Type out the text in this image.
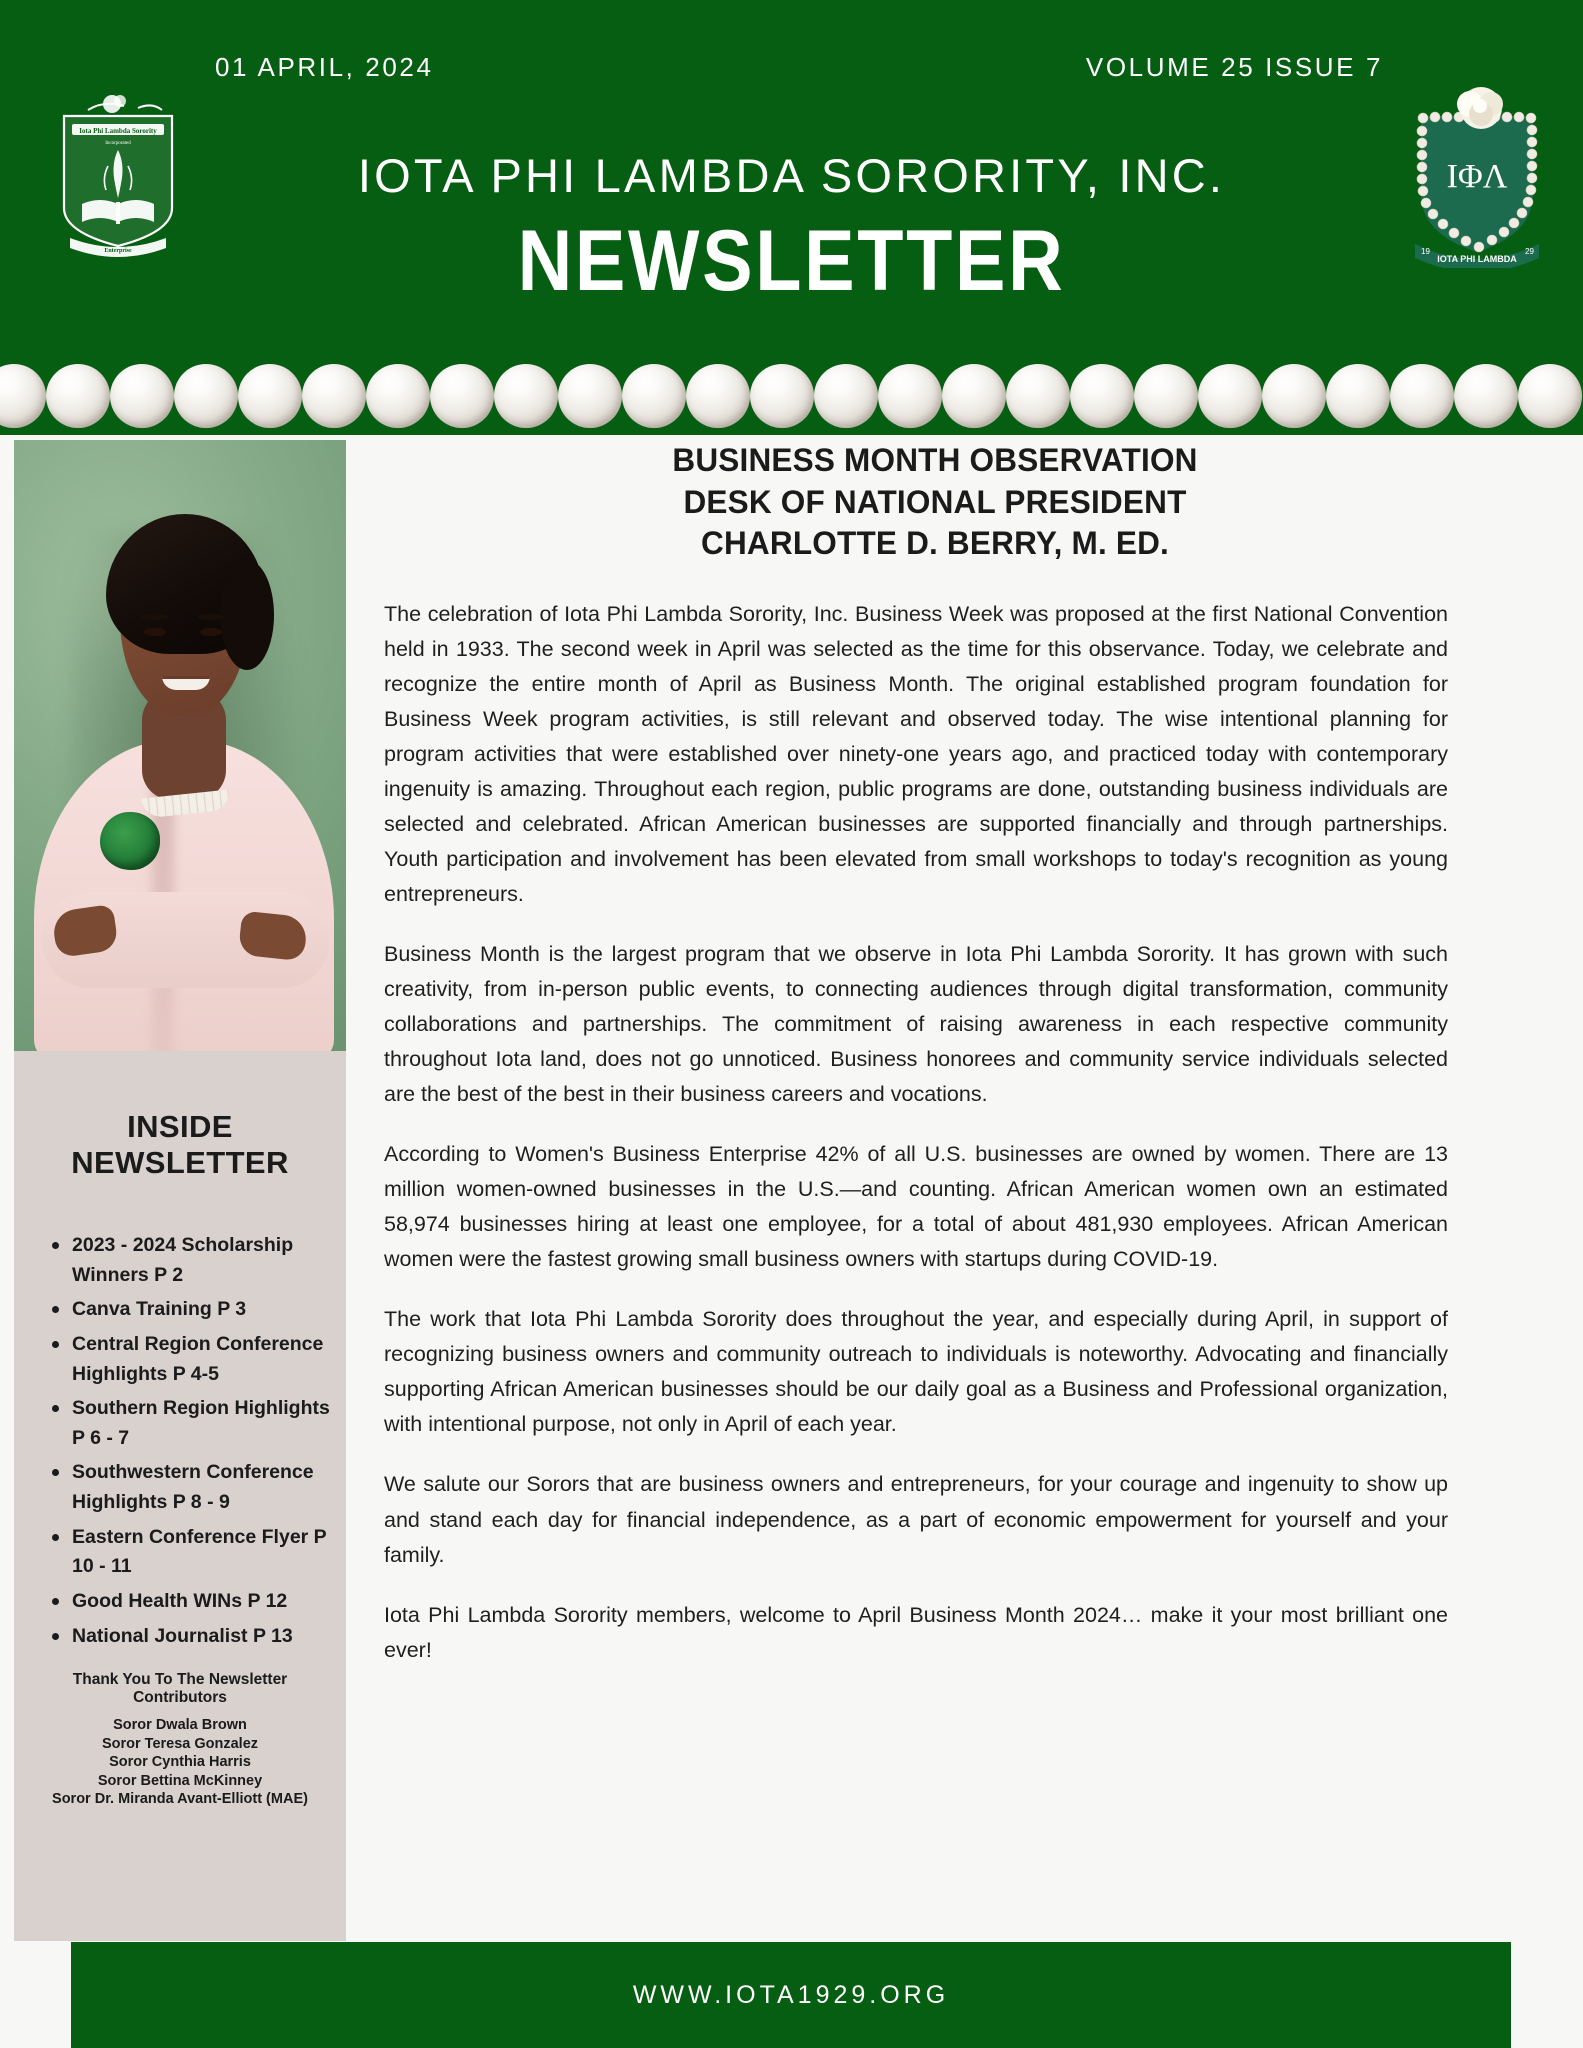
01 APRIL, 2024	VOLUME 25 ISSUE 7
IOTA PHI LAMBDA SORORITY, INC.
NEWSLETTER
Iota Phi Lambda Sorority
Incorporated
Enterprise
ΙΦΛ
IOTA PHI LAMBDA
19	29
INSIDE NEWSLETTER
2023 - 2024 Scholarship Winners P 2
Canva Training P 3
Central Region Conference Highlights P 4-5
Southern Region Highlights P 6 - 7
Southwestern Conference Highlights P 8 - 9
Eastern Conference Flyer P 10 - 11
Good Health WINs P 12
National Journalist P 13
Thank You To The Newsletter Contributors
Soror Dwala Brown
Soror Teresa Gonzalez
Soror Cynthia Harris
Soror Bettina McKinney
Soror Dr. Miranda Avant-Elliott (MAE)
BUSINESS MONTH OBSERVATION
DESK OF NATIONAL PRESIDENT
CHARLOTTE D. BERRY, M. ED.

The celebration of Iota Phi Lambda Sorority, Inc. Business Week was proposed at the first National Convention held in 1933. The second week in April was selected as the time for this observance. Today, we celebrate and recognize the entire month of April as Business Month. The original established program foundation for Business Week program activities, is still relevant and observed today. The wise intentional planning for program activities that were established over ninety-one years ago, and practiced today with contemporary ingenuity is amazing. Throughout each region, public programs are done, outstanding business individuals are selected and celebrated. African American businesses are supported financially and through partnerships. Youth participation and involvement has been elevated from small workshops to today's recognition as young entrepreneurs.

Business Month is the largest program that we observe in Iota Phi Lambda Sorority. It has grown with such creativity, from in-person public events, to connecting audiences through digital transformation, community collaborations and partnerships. The commitment of raising awareness in each respective community throughout Iota land, does not go unnoticed. Business honorees and community service individuals selected are the best of the best in their business careers and vocations.

According to Women's Business Enterprise 42% of all U.S. businesses are owned by women. There are 13 million women-owned businesses in the U.S.—and counting. African American women own an estimated 58,974 businesses hiring at least one employee, for a total of about 481,930 employees. African American women were the fastest growing small business owners with startups during COVID-19.

The work that Iota Phi Lambda Sorority does throughout the year, and especially during April, in support of recognizing business owners and community outreach to individuals is noteworthy. Advocating and financially supporting African American businesses should be our daily goal as a Business and Professional organization, with intentional purpose, not only in April of each year.

We salute our Sorors that are business owners and entrepreneurs, for your courage and ingenuity to show up and stand each day for financial independence, as a part of economic empowerment for yourself and your family.

Iota Phi Lambda Sorority members, welcome to April Business Month 2024… make it your most brilliant one ever!

WWW.IOTA1929.ORG
